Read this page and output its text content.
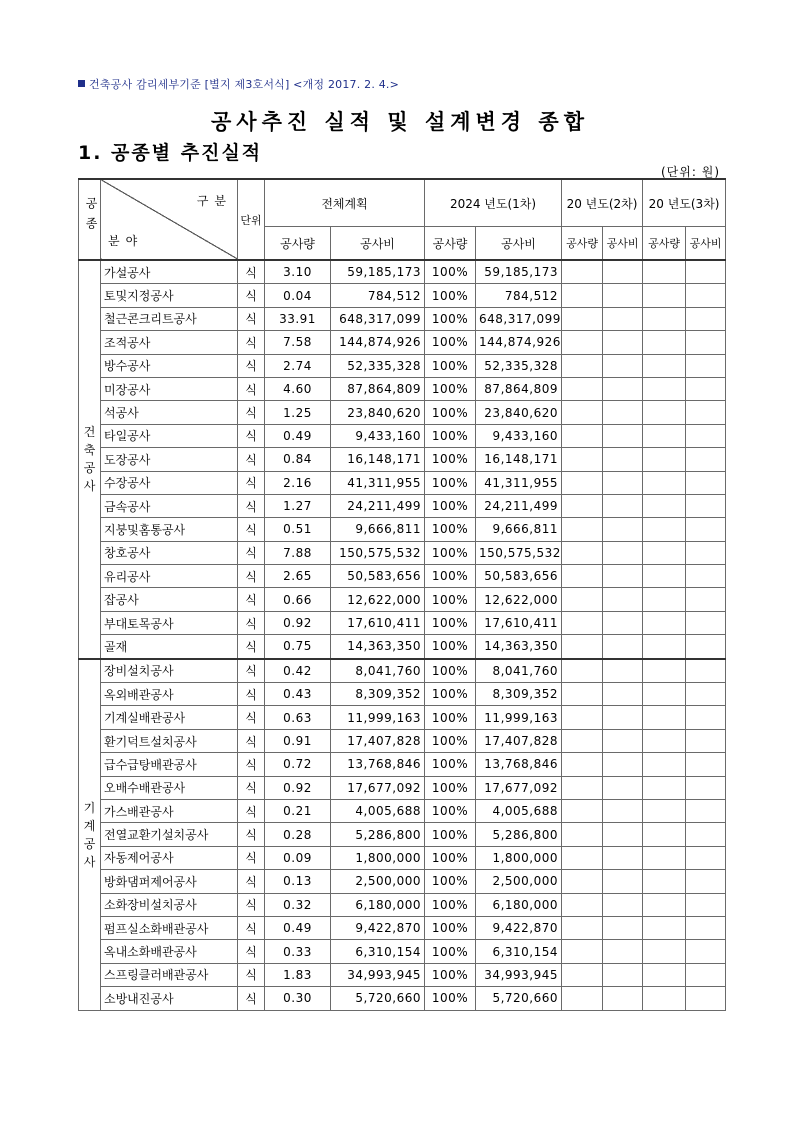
건축공사 감리세부기준 [별지 제3호서식] <개정 2017. 2. 4.>
공사추진 실적 및 설계변경 종합
1. 공종별 추진실적
(단위: 원)
공종	구분
분야	단위	전체계획		2024 년도(1차)		20 년도(2차)		20 년도(3차)	
			공사량	공사비	공사량	공사비	공사량	공사비	공사량	공사비

건
축
공
사	가설공사	식	3.10	59,185,173	100%	59,185,173				
	토및지정공사	식	0.04	784,512	100%	784,512				
	철근콘크리트공사	식	33.91	648,317,099	100%	648,317,099				
	조적공사	식	7.58	144,874,926	100%	144,874,926				
	방수공사	식	2.74	52,335,328	100%	52,335,328				
	미장공사	식	4.60	87,864,809	100%	87,864,809				
	석공사	식	1.25	23,840,620	100%	23,840,620				
	타일공사	식	0.49	9,433,160	100%	9,433,160				
	도장공사	식	0.84	16,148,171	100%	16,148,171				
	수장공사	식	2.16	41,311,955	100%	41,311,955				
	금속공사	식	1.27	24,211,499	100%	24,211,499				
	지붕및홈통공사	식	0.51	9,666,811	100%	9,666,811				
	창호공사	식	7.88	150,575,532	100%	150,575,532				
	유리공사	식	2.65	50,583,656	100%	50,583,656				
	잡공사	식	0.66	12,622,000	100%	12,622,000				
	부대토목공사	식	0.92	17,610,411	100%	17,610,411				
	골재	식	0.75	14,363,350	100%	14,363,350				

기
계
공
사	장비설치공사	식	0.42	8,041,760	100%	8,041,760				
	옥외배관공사	식	0.43	8,309,352	100%	8,309,352				
	기계실배관공사	식	0.63	11,999,163	100%	11,999,163				
	환기덕트설치공사	식	0.91	17,407,828	100%	17,407,828				
	급수급탕배관공사	식	0.72	13,768,846	100%	13,768,846				
	오배수배관공사	식	0.92	17,677,092	100%	17,677,092				
	가스배관공사	식	0.21	4,005,688	100%	4,005,688				
	전열교환기설치공사	식	0.28	5,286,800	100%	5,286,800				
	자동제어공사	식	0.09	1,800,000	100%	1,800,000				
	방화댐퍼제어공사	식	0.13	2,500,000	100%	2,500,000				
	소화장비설치공사	식	0.32	6,180,000	100%	6,180,000				
	펌프실소화배관공사	식	0.49	9,422,870	100%	9,422,870				
	옥내소화배관공사	식	0.33	6,310,154	100%	6,310,154				
	스프링클러배관공사	식	1.83	34,993,945	100%	34,993,945				
	소방내진공사	식	0.30	5,720,660	100%	5,720,660				
